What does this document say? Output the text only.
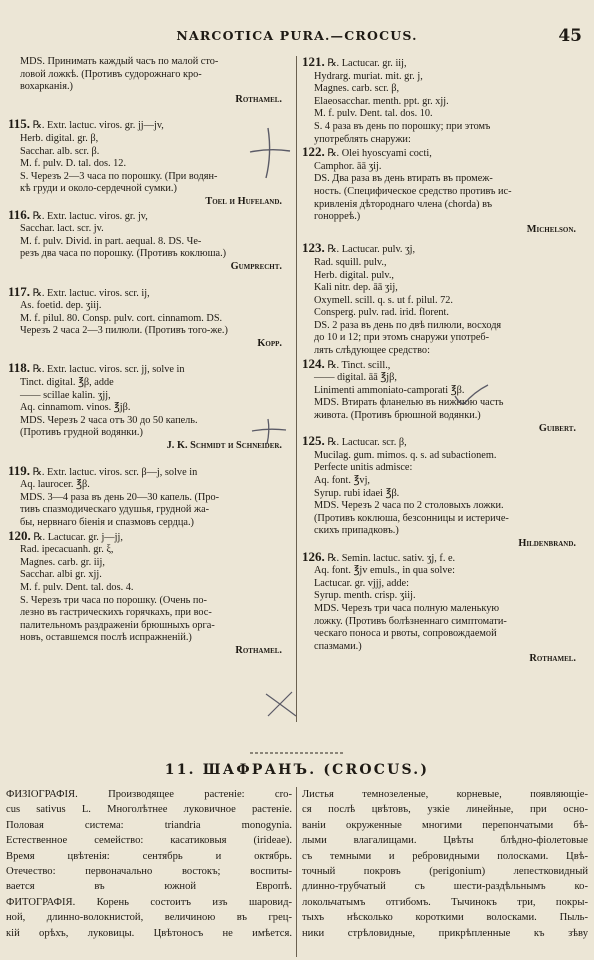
NARCOTICA PURA.—CROCUS.	45
MDS. Принимать каждый часъ по малой сто-
ловой ложкѣ. (Противъ судорожнаго кро-
вохарканія.)
Rothamel.
115. ℞. Extr. lactuc. viros. gr. jj—jv,
Herb. digital. gr. β,
Sacchar. alb. scr. β.
M. f. pulv. D. tal. dos. 12.
S. Черезъ 2—3 часа по порошку. (При водян-
кѣ груди и около-сердечной сумки.)
Toel и Hufeland.
116. ℞. Extr. lactuc. viros. gr. jv,
Sacchar. lact. scr. jv.
M. f. pulv. Divid. in part. aequal. 8. DS. Че-
резъ два часа по порошку. (Противъ коклюша.)
Gumprecht.
117. ℞. Extr. lactuc. viros. scr. ij,
As. foetid. dep. ʒiij.
M. f. pilul. 80. Consp. pulv. cort. cinnamom. DS.
Черезъ 2 часа 2—3 пилюли. (Противъ того-же.)
Kopp.
118. ℞. Extr. lactuc. viros. scr. jj, solve in
Tinct. digital. ℥β, adde
—— scillae kalin. ʒjj,
Aq. cinnamom. vinos. ℥jβ.
MDS. Черезъ 2 часа отъ 30 до 50 капель.
(Противъ грудной водянки.)
J. K. Schmidt и Schneider.
119. ℞. Extr. lactuc. viros. scr. β—j, solve in
Aq. laurocer. ℥β.
MDS. 3—4 раза въ день 20—30 капель. (Про-
тивъ спазмодическаго удушья, грудной жа-
бы, нервнаго біенія и спазмовъ сердца.)
120. ℞. Lactucar. gr. j—jj,
Rad. ipecacuanh. gr. ξ,
Magnes. carb. gr. iij,
Sacchar. albi gr. xjj.
M. f. pulv. Dent. tal. dos. 4.
S. Черезъ три часа по порошку. (Очень по-
лезно въ гастрическихъ горячкахъ, при вос-
палительномъ раздраженіи брюшныхъ орга-
новъ, оставшемся послѣ испражненій.)
Rothamel.
121. ℞. Lactucar. gr. iij,
Hydrarg. muriat. mit. gr. j,
Magnes. carb. scr. β,
Elaeosacchar. menth. ppt. gr. xjj.
M. f. pulv. Dent. tal. dos. 10.
S. 4 раза въ день по порошку; при этомъ
употреблять снаружи:
122. ℞. Olei hyoscyami cocti,
Camphor. āā ʒij.
DS. Два раза въ день втирать въ промеж-
ность. (Специфическое средство противъ ис-
кривленія дѣтороднаго члена (chorda) въ
гонорреѣ.)
Michelson.
123. ℞. Lactucar. pulv. ʒj,
Rad. squill. pulv.,
Herb. digital. pulv.,
Kali nitr. dep. āā ʒij,
Oxymell. scill. q. s. ut f. pilul. 72.
Consperg. pulv. rad. irid. florent.
DS. 2 раза въ день по двѣ пилюли, восходя
до 10 и 12; при этомъ снаружи употреб-
лять слѣдующее средство:
124. ℞. Tinct. scill.,
—— digital. āā ℥jβ,
Linimenti ammoniato-camporati ℥β.
MDS. Втирать фланелью въ нижнюю часть
живота. (Противъ брюшной водянки.)
Guibert.
125. ℞. Lactucar. scr. β,
Mucilag. gum. mimos. q. s. ad subactionem.
Perfecte unitis admisce:
Aq. font. ℥vj,
Syrup. rubi idaei ℥β.
MDS. Черезъ 2 часа по 2 столовыхъ ложки.
(Противъ коклюша, безсонницы и истериче-
скихъ припадковъ.)
Hildenbrand.
126. ℞. Semin. lactuc. sativ. ʒj, f. e.
Aq. font. ℥jv emuls., in qua solve:
Lactucar. gr. vjjj, adde:
Syrup. menth. crisp. ʒiij.
MDS. Черезъ три часа полную маленькую
ложку. (Противъ болѣзненнаго симптомати-
ческаго поноса и рвоты, сопровождаемой
спазмами.)
Rothamel.
11. ШАФРАНЪ. (CROCUS.)
ФИЗІОГРАФІЯ. Производящее растеніе: cro-
cus sativus L. Многолѣтнее луковичное растеніе.
Половая система: triandria monogynia.
Естественное семейство: касатиковыя (irideae).
Время цвѣтенія: сентябрь и октябрь.
Отечество: первоначально востокъ; воспиты-
вается въ южной Европѣ.
ФИТОГРАФІЯ. Корень состоитъ изъ шаровид-
ной, длинно-волокнистой, величиною въ грец-
кій орѣхъ, луковицы. Цвѣтоносъ не имѣется.
Листья темнозеленые, корневые, появляющіе-
ся послѣ цвѣтовъ, узкіе линейные, при осно-
ваніи окруженные многими перепончатыми бѣ-
лыми влагалищами. Цвѣты блѣдно-фіолетовые
съ темными и ребровидными полосками. Цвѣ-
точный покровъ (perigonium) лепестковидный
длинно-трубчатый съ шести-раздѣльнымъ ко-
локольчатымъ отгибомъ. Тычинокъ три, покры-
тыхъ нѣсколько короткими волосками. Пыль-
ники стрѣловидные, прикрѣпленные къ зѣву
